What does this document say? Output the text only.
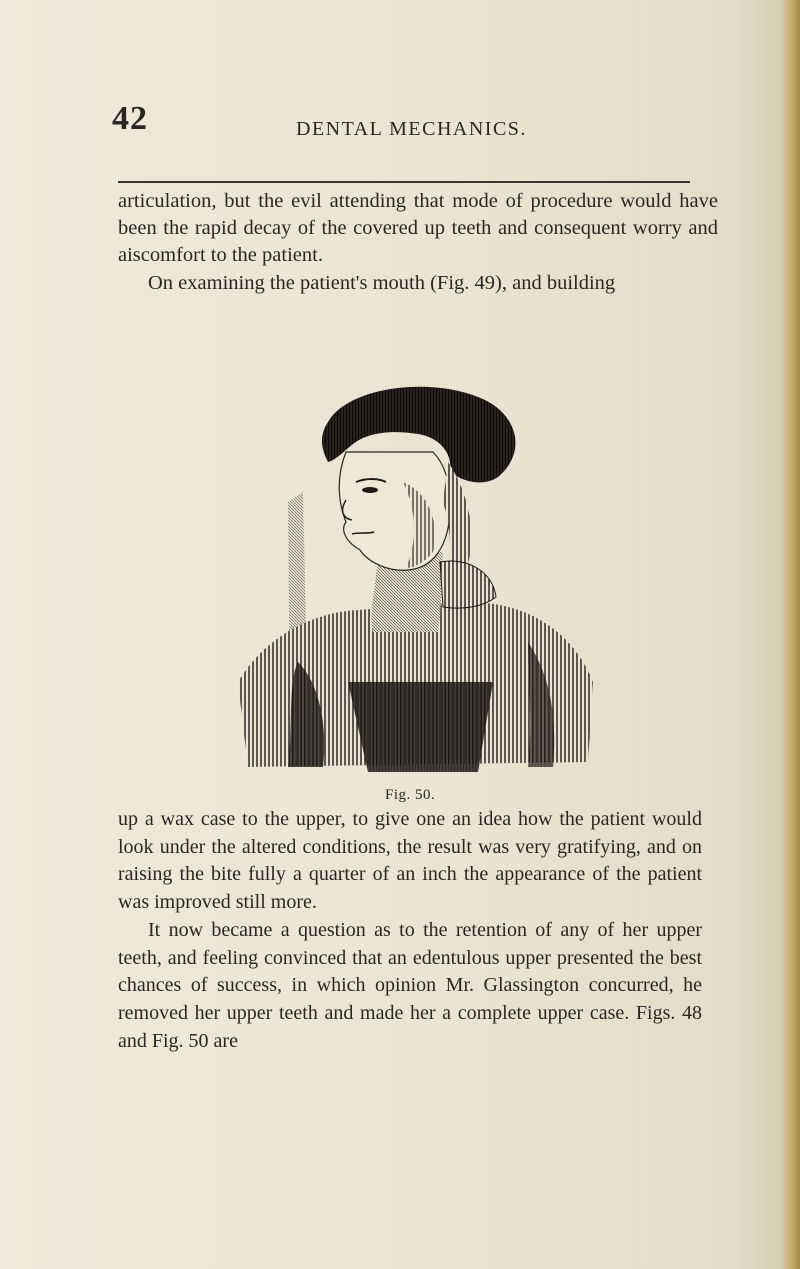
42	DENTAL MECHANICS.

articulation, but the evil attending that mode of procedure would have been the rapid decay of the covered up teeth and consequent worry and aiscomfort to the patient.

On examining the patient's mouth (Fig. 49), and building

Fig. 50.

up a wax case to the upper, to give one an idea how the patient would look under the altered conditions, the result was very gratifying, and on raising the bite fully a quarter of an inch the appearance of the patient was improved still more.

It now became a question as to the retention of any of her upper teeth, and feeling convinced that an edentulous upper presented the best chances of success, in which opinion Mr. Glassington concurred, he removed her upper teeth and made her a complete upper case. Figs. 48 and Fig. 50 are
